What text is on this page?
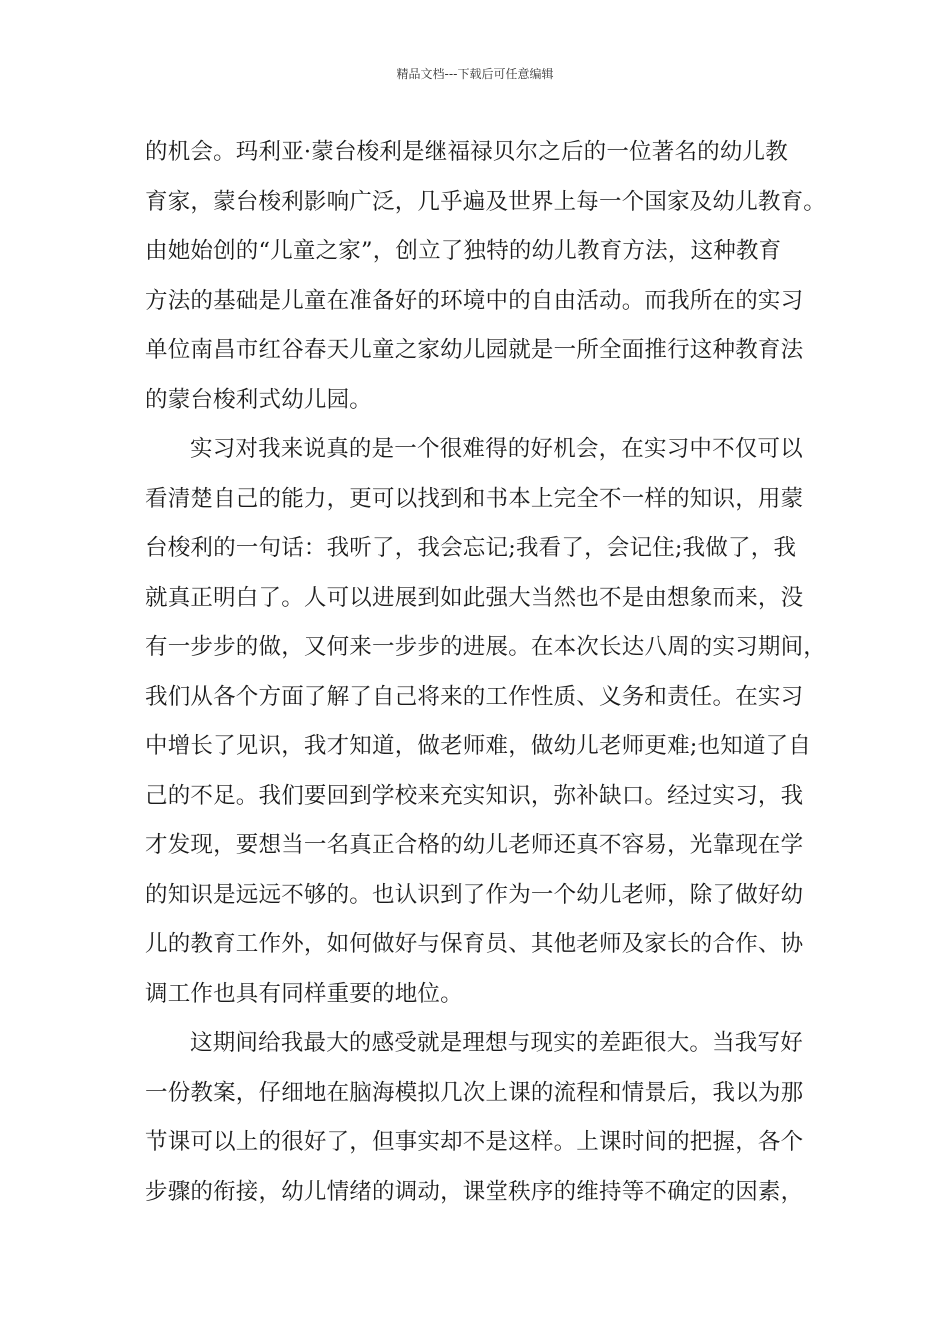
精品文档---下载后可任意编辑
的机会。玛利亚·蒙台梭利是继福禄贝尔之后的一位著名的幼儿教
育家，蒙台梭利影响广泛，几乎遍及世界上每一个国家及幼儿教育。
由她始创的“儿童之家”，创立了独特的幼儿教育方法，这种教育
方法的基础是儿童在准备好的环境中的自由活动。而我所在的实习
单位南昌市红谷春天儿童之家幼儿园就是一所全面推行这种教育法
的蒙台梭利式幼儿园。
实习对我来说真的是一个很难得的好机会，在实习中不仅可以
看清楚自己的能力，更可以找到和书本上完全不一样的知识，用蒙
台梭利的一句话：我听了，我会忘记;我看了，会记住;我做了，我
就真正明白了。人可以进展到如此强大当然也不是由想象而来，没
有一步步的做，又何来一步步的进展。在本次长达八周的实习期间，
我们从各个方面了解了自己将来的工作性质、义务和责任。在实习
中增长了见识，我才知道，做老师难，做幼儿老师更难;也知道了自
己的不足。我们要回到学校来充实知识，弥补缺口。经过实习，我
才发现，要想当一名真正合格的幼儿老师还真不容易，光靠现在学
的知识是远远不够的。也认识到了作为一个幼儿老师，除了做好幼
儿的教育工作外，如何做好与保育员、其他老师及家长的合作、协
调工作也具有同样重要的地位。
这期间给我最大的感受就是理想与现实的差距很大。当我写好
一份教案，仔细地在脑海模拟几次上课的流程和情景后，我以为那
节课可以上的很好了，但事实却不是这样。上课时间的把握，各个
步骤的衔接，幼儿情绪的调动，课堂秩序的维持等不确定的因素，
